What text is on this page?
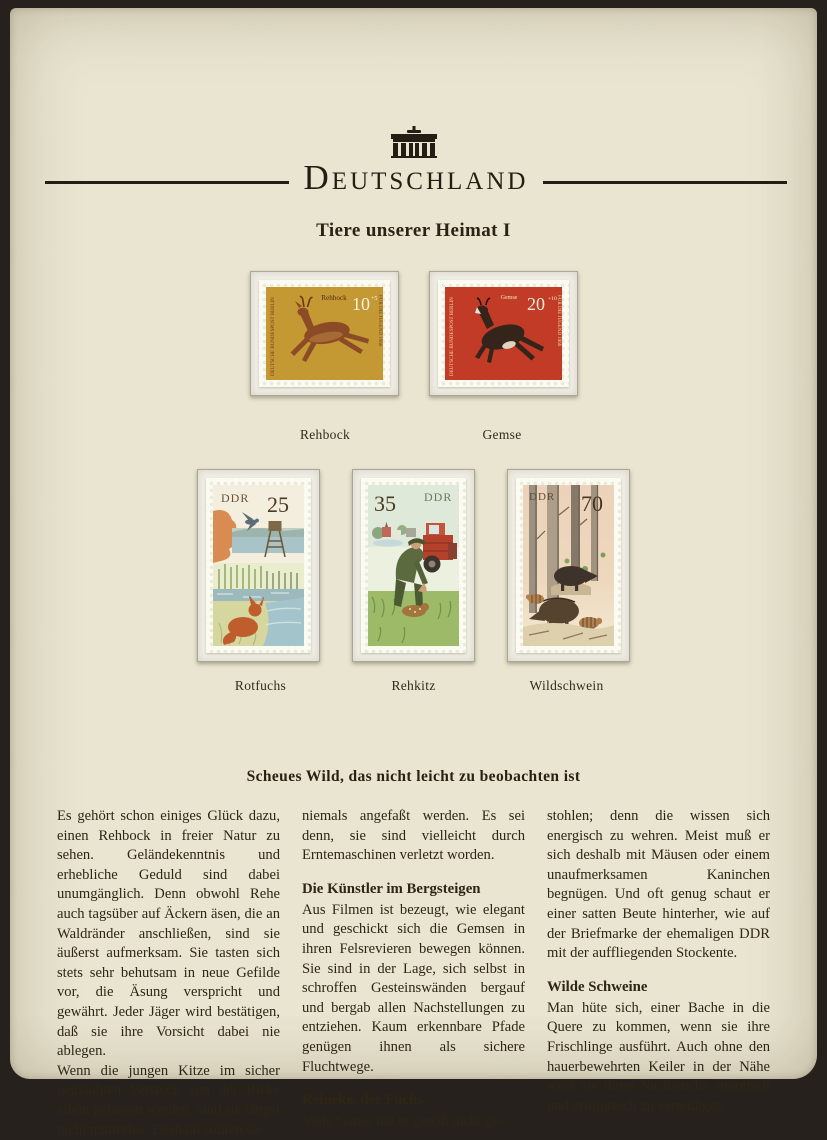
Deutschland
Tiere unserer Heimat I
Rehbock 10 +5
DEUTSCHE BUNDESPOST BERLIN	FÜR DIE JUGEND 1966	Gemse 20 +10
DEUTSCHE BUNDESPOST BERLIN	FÜR DIE JUGEND 1966
Rehbock	Gemse
DDR 25	35 DDR	DDR 70
Rotfuchs	Rehkitz	Wildschwein
Scheues Wild, das nicht leicht zu beobachten ist

Es gehört schon einiges Glück dazu, einen Rehbock in freier Natur zu sehen. Geländekenntnis und erhebliche Geduld sind dabei unumgänglich. Denn obwohl Rehe auch tagsüber auf Äckern äsen, die an Waldränder anschließen, sind sie äußerst aufmerksam. Sie tasten sich stets sehr behutsam in neue Gefilde vor, die Äsung verspricht und gewährt. Jeder Jäger wird bestätigen, daß sie ihre Vorsicht dabei nie ablegen.

Wenn die jungen Kitze im sicher geglaubten Versteck von der Ricke allein gelassen werden, sind sie längst nicht mutterlos. Deshalb sollten sie

niemals angefaßt werden. Es sei denn, sie sind vielleicht durch Erntemaschinen verletzt worden.

Die Künstler im Bergsteigen

Aus Filmen ist bezeugt, wie elegant und geschickt sich die Gemsen in ihren Felsrevieren bewegen können. Sie sind in der Lage, sich selbst in schroffen Gesteinswänden bergauf und bergab allen Nachstellungen zu entziehen. Kaum erkennbare Pfade genügen ihnen als sichere Fluchtwege.

Reineke, der Fuchs

Viele Gänse hat er gewiß nicht ge-

stohlen; denn die wissen sich energisch zu wehren. Meist muß er sich deshalb mit Mäusen oder einem unaufmerksamen Kaninchen begnügen. Und oft genug schaut er einer satten Beute hinterher, wie auf der Briefmarke der ehemaligen DDR mit der auffliegenden Stockente.

Wilde Schweine

Man hüte sich, einer Bache in die Quere zu kommen, wenn sie ihre Frischlinge ausführt. Auch ohne den hauerbewehrten Keiler in der Nähe weiß sie ihren Nachwuchs energisch und erfolgreich zu verteidigen.
